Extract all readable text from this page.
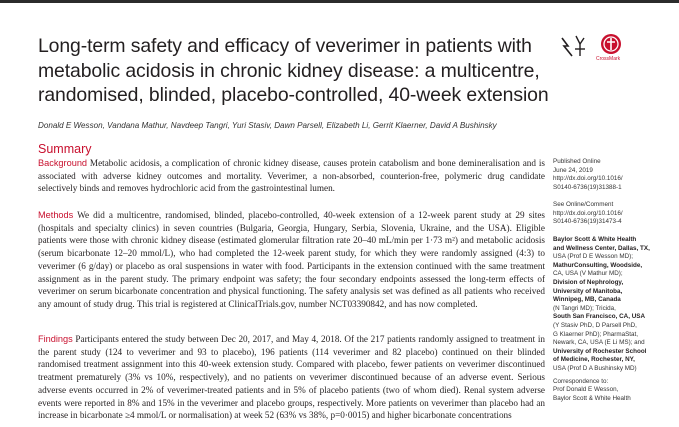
Long-term safety and efficacy of veverimer in patients with metabolic acidosis in chronic kidney disease: a multicentre, randomised, blinded, placebo-controlled, 40-week extension
CrossMark
Donald E Wesson, Vandana Mathur, Navdeep Tangri, Yuri Stasiv, Dawn Parsell, Elizabeth Li, Gerrit Klaerner, David A Bushinsky
Summary
Background Metabolic acidosis, a complication of chronic kidney disease, causes protein catabolism and bone demineralisation and is associated with adverse kidney outcomes and mortality. Veverimer, a non-absorbed, counterion-free, polymeric drug candidate selectively binds and removes hydrochloric acid from the gastrointestinal lumen.
Methods We did a multicentre, randomised, blinded, placebo-controlled, 40-week extension of a 12-week parent study at 29 sites (hospitals and specialty clinics) in seven countries (Bulgaria, Georgia, Hungary, Serbia, Slovenia, Ukraine, and the USA). Eligible patients were those with chronic kidney disease (estimated glomerular filtration rate 20–40 mL/min per 1·73 m²) and metabolic acidosis (serum bicarbonate 12–20 mmol/L), who had completed the 12-week parent study, for which they were randomly assigned (4:3) to veverimer (6 g/day) or placebo as oral suspensions in water with food. Participants in the extension continued with the same treatment assignment as in the parent study. The primary endpoint was safety; the four secondary endpoints assessed the long-term effects of veverimer on serum bicarbonate concentration and physical functioning. The safety analysis set was defined as all patients who received any amount of study drug. This trial is registered at ClinicalTrials.gov, number NCT03390842, and has now completed.
Findings Participants entered the study between Dec 20, 2017, and May 4, 2018. Of the 217 patients randomly assigned to treatment in the parent study (124 to veverimer and 93 to placebo), 196 patients (114 veverimer and 82 placebo) continued on their blinded randomised treatment assignment into this 40-week extension study. Compared with placebo, fewer patients on veverimer discontinued treatment prematurely (3% vs 10%, respectively), and no patients on veverimer discontinued because of an adverse event. Serious adverse events occurred in 2% of veverimer-treated patients and in 5% of placebo patients (two of whom died). Renal system adverse events were reported in 8% and 15% in the veverimer and placebo groups, respectively. More patients on veverimer than placebo had an increase in bicarbonate ≥4 mmol/L or normalisation) at week 52 (63% vs 38%, p=0·0015) and higher bicarbonate concentrations
Published Online
June 24, 2019
http://dx.doi.org/10.1016/
S0140-6736(19)31388-1
See Online/Comment
http://dx.doi.org/10.1016/
S0140-6736(19)31473-4
Baylor Scott & White Health
and Wellness Center, Dallas, TX,
USA (Prof D E Wesson MD);
MathurConsulting, Woodside,
CA, USA (V Mathur MD);
Division of Nephrology,
University of Manitoba,
Winnipeg, MB, Canada
(N Tangri MD); Tricida,
South San Francisco, CA, USA
(Y Stasiv PhD, D Parsell PhD,
G Klaerner PhD); PharmaStat,
Newark, CA, USA (E Li MS); and
University of Rochester School
of Medicine, Rochester, NY,
USA (Prof D A Bushinsky MD)
Correspondence to:
Prof Donald E Wesson,
Baylor Scott & White Health
